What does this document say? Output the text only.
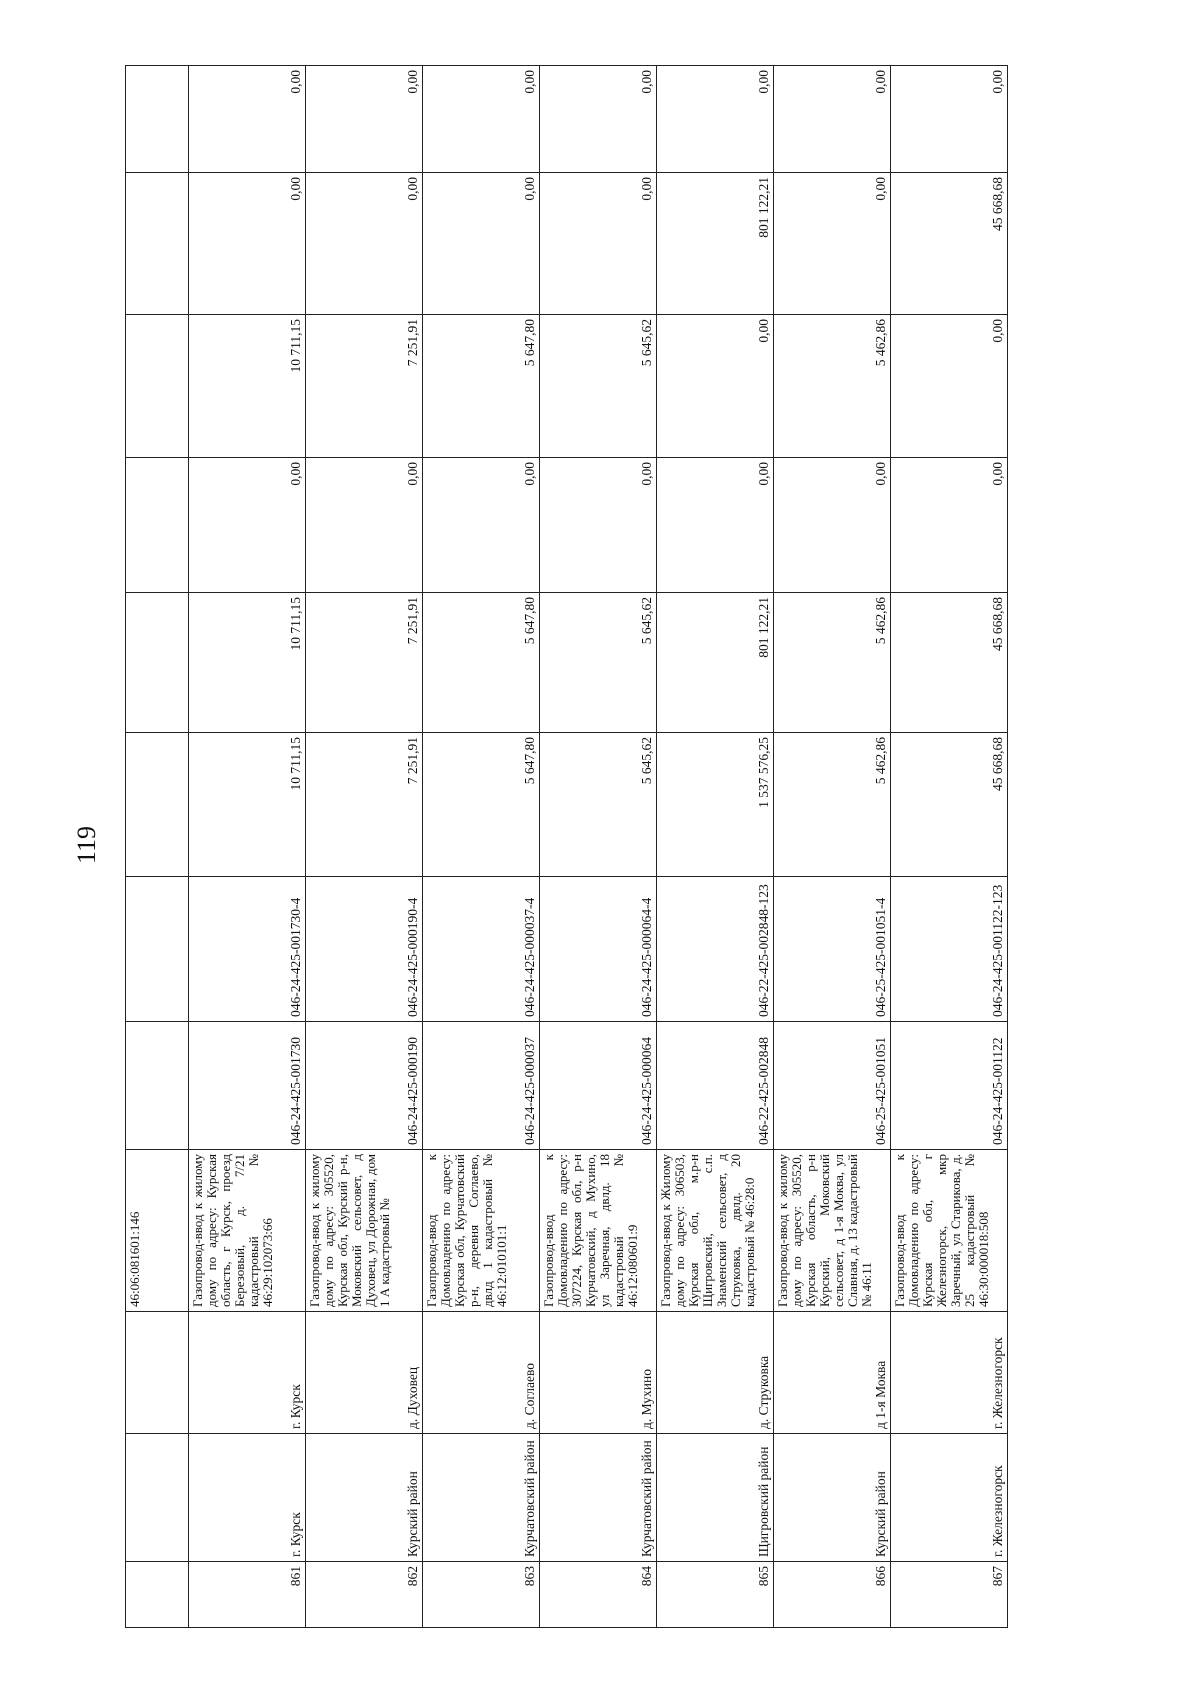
119
			46:06:081601:146								
861	г. Курск	г. Курск	Газопровод-ввод к жилому дому по адресу: Курская область, г Курск, проезд Березовый, д. 7/21 кадастровый № 46:29:102073:66	046-24-425-001730	046-24-425-001730-4	10 711,15	10 711,15	0,00	10 711,15	0,00	0,00
862	Курский район	д. Духовец	Газопровод-ввод к жилому дому по адресу: 305520, Курская обл, Курский р-н, Моковский сельсовет, д Духовец, ул Дорожная, дом 1 А кадастровый №	046-24-425-000190	046-24-425-000190-4	7 251,91	7 251,91	0,00	7 251,91	0,00	0,00
863	Курчатовский район	д. Соглаево	Газопровод-ввод к Домовладению по адресу: Курская обл, Курчатовский р-н, деревня Соглаево, двлд 1 кадастровый № 46:12:010101:1	046-24-425-000037	046-24-425-000037-4	5 647,80	5 647,80	0,00	5 647,80	0,00	0,00
864	Курчатовский район	д. Мухино	Газопровод-ввод к Домовладению по адресу: 307224, Курская обл, р-н Курчатовский, д Мухино, ул Заречная, двлд. 18 кадастровый № 46:12:080601:9	046-24-425-000064	046-24-425-000064-4	5 645,62	5 645,62	0,00	5 645,62	0,00	0,00
865	Щигровский район	д. Струковка	Газопровод-ввод к Жилому дому по адресу: 306503, Курская обл, м.р-н Щигровский, с.п. Знаменский сельсовет, д Струковка, двлд. 20 кадастровый № 46:28:0	046-22-425-002848	046-22-425-002848-123	1 537 576,25	801 122,21	0,00	0,00	801 122,21	0,00
866	Курский район	д 1-я Моква	Газопровод-ввод к жилому дому по адресу: 305520, Курская область, р-н Курский, Моковский сельсовет, д 1-я Моква, ул Славная, д. 13 кадастровый № 46:11	046-25-425-001051	046-25-425-001051-4	5 462,86	5 462,86	0,00	5 462,86	0,00	0,00
867	г. Железногорск	г. Железногорск	Газопровод-ввод к Домовладению по адресу: Курская обл, г Железногорск, мкр Заречный, ул Старикова, д. 25 кадастровый № 46:30:000018:508	046-24-425-001122	046-24-425-001122-123	45 668,68	45 668,68	0,00	0,00	45 668,68	0,00
